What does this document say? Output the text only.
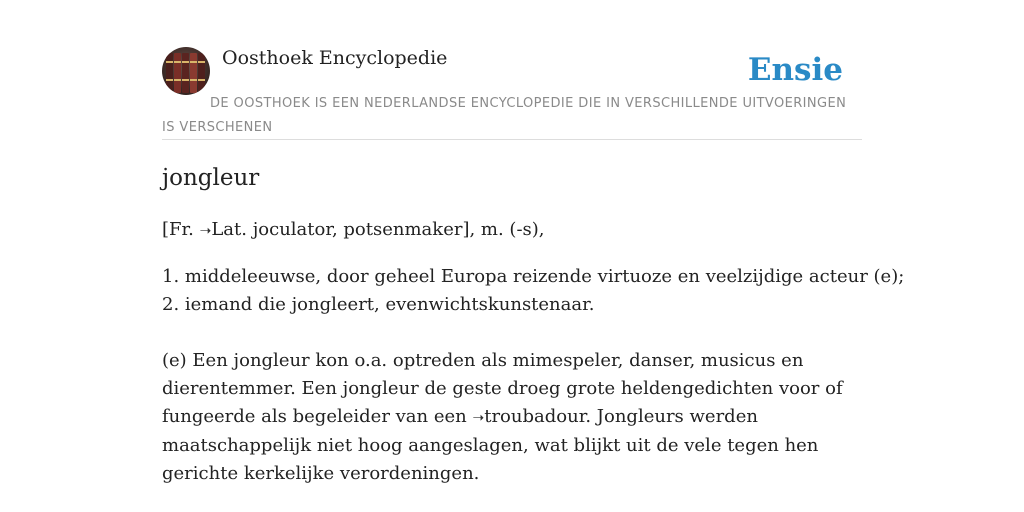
Oosthoek Encyclopedie	Ensie
DE OOSTHOEK IS EEN NEDERLANDSE ENCYCLOPEDIE DIE IN VERSCHILLENDE UITVOERINGEN IS VERSCHENEN
jongleur

[Fr. ➝Lat. joculator, potsenmaker], m. (-s),

1. middeleeuwse, door geheel Europa reizende virtuoze en veelzijdige acteur (e);
2. iemand die jongleert, evenwichtskunstenaar.

(e) Een jongleur kon o.a. optreden als mimespeler, danser, musicus en dierentemmer. Een jongleur de geste droeg grote heldengedichten voor of fungeerde als begeleider van een ➝troubadour. Jongleurs werden maatschappelijk niet hoog aangeslagen, wat blijkt uit de vele tegen hen gerichte kerkelijke verordeningen.
